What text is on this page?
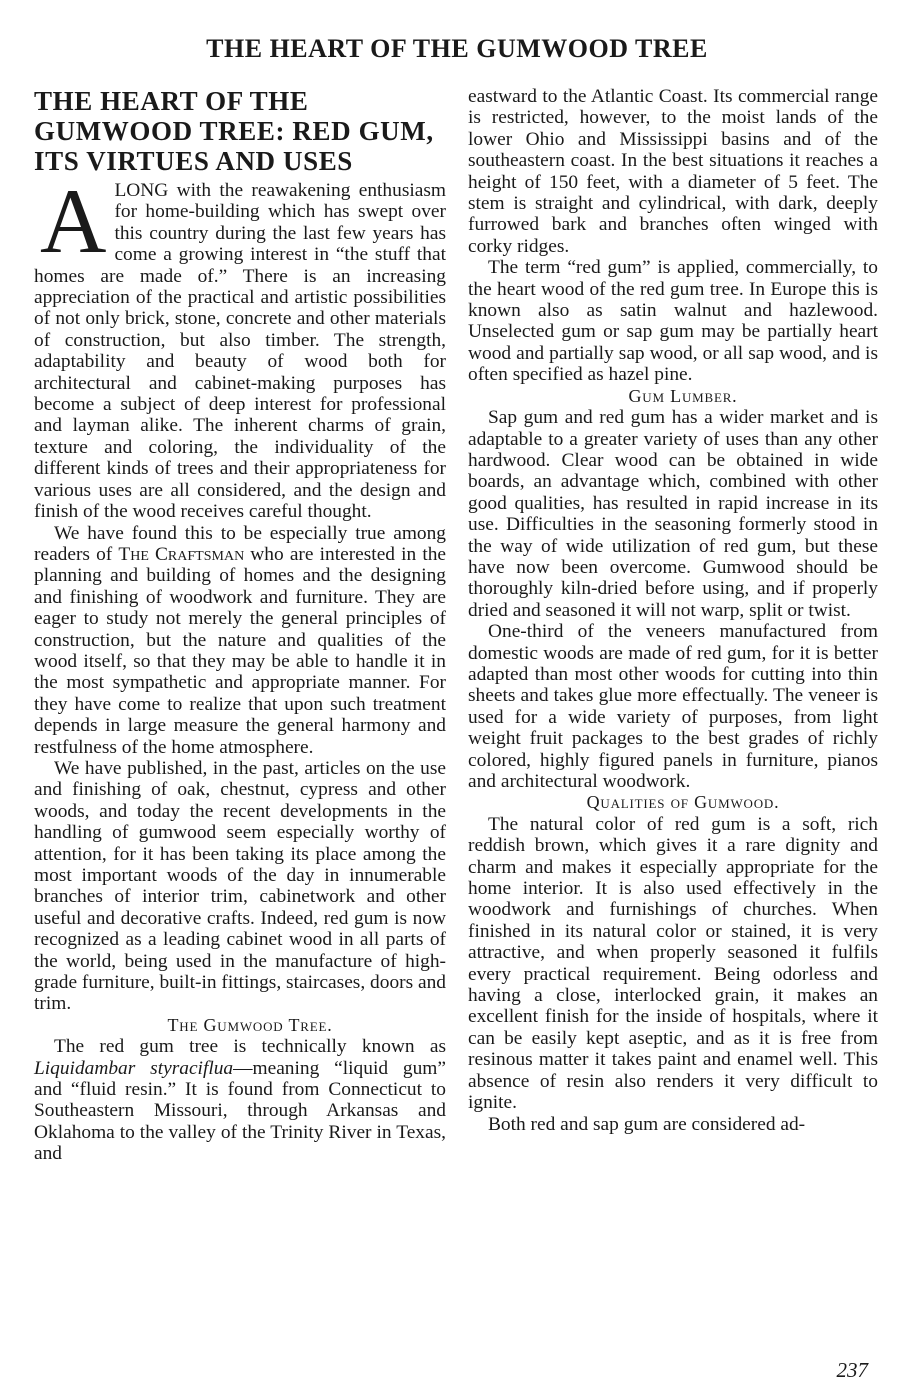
THE HEART OF THE GUMWOOD TREE
THE HEART OF THE GUMWOOD TREE: RED GUM, ITS VIRTUES AND USES

ALONG with the reawakening enthusiasm for home-building which has swept over this country during the last few years has come a growing interest in “the stuff that homes are made of.” There is an increasing appreciation of the practical and artistic possibilities of not only brick, stone, concrete and other materials of construction, but also timber. The strength, adaptability and beauty of wood both for architectural and cabinet-making purposes has become a subject of deep interest for professional and layman alike. The inherent charms of grain, texture and coloring, the individuality of the different kinds of trees and their appropriateness for various uses are all considered, and the design and finish of the wood receives careful thought.

We have found this to be especially true among readers of The Craftsman who are interested in the planning and building of homes and the designing and finishing of woodwork and furniture. They are eager to study not merely the general principles of construction, but the nature and qualities of the wood itself, so that they may be able to handle it in the most sympathetic and appropriate manner. For they have come to realize that upon such treatment depends in large measure the general harmony and restfulness of the home atmosphere.

We have published, in the past, articles on the use and finishing of oak, chestnut, cypress and other woods, and today the recent developments in the handling of gumwood seem especially worthy of attention, for it has been taking its place among the most important woods of the day in innumerable branches of interior trim, cabinetwork and other useful and decorative crafts. Indeed, red gum is now recognized as a leading cabinet wood in all parts of the world, being used in the manufacture of high-grade furniture, built-in fittings, staircases, doors and trim.

The Gumwood Tree.

The red gum tree is technically known as Liquidambar styraciflua—meaning “liquid gum” and “fluid resin.” It is found from Connecticut to Southeastern Missouri, through Arkansas and Oklahoma to the valley of the Trinity River in Texas, and

eastward to the Atlantic Coast. Its commercial range is restricted, however, to the moist lands of the lower Ohio and Mississippi basins and of the southeastern coast. In the best situations it reaches a height of 150 feet, with a diameter of 5 feet. The stem is straight and cylindrical, with dark, deeply furrowed bark and branches often winged with corky ridges.

The term “red gum” is applied, commercially, to the heart wood of the red gum tree. In Europe this is known also as satin walnut and hazlewood. Unselected gum or sap gum may be partially heart wood and partially sap wood, or all sap wood, and is often specified as hazel pine.

Gum Lumber.

Sap gum and red gum has a wider market and is adaptable to a greater variety of uses than any other hardwood. Clear wood can be obtained in wide boards, an advantage which, combined with other good qualities, has resulted in rapid increase in its use. Difficulties in the seasoning formerly stood in the way of wide utilization of red gum, but these have now been overcome. Gumwood should be thoroughly kiln-dried before using, and if properly dried and seasoned it will not warp, split or twist.

One-third of the veneers manufactured from domestic woods are made of red gum, for it is better adapted than most other woods for cutting into thin sheets and takes glue more effectually. The veneer is used for a wide variety of purposes, from light weight fruit packages to the best grades of richly colored, highly figured panels in furniture, pianos and architectural woodwork.

Qualities of Gumwood.

The natural color of red gum is a soft, rich reddish brown, which gives it a rare dignity and charm and makes it especially appropriate for the home interior. It is also used effectively in the woodwork and furnishings of churches. When finished in its natural color or stained, it is very attractive, and when properly seasoned it fulfils every practical requirement. Being odorless and having a close, interlocked grain, it makes an excellent finish for the inside of hospitals, where it can be easily kept aseptic, and as it is free from resinous matter it takes paint and enamel well. This absence of resin also renders it very difficult to ignite.

Both red and sap gum are considered ad-

237
